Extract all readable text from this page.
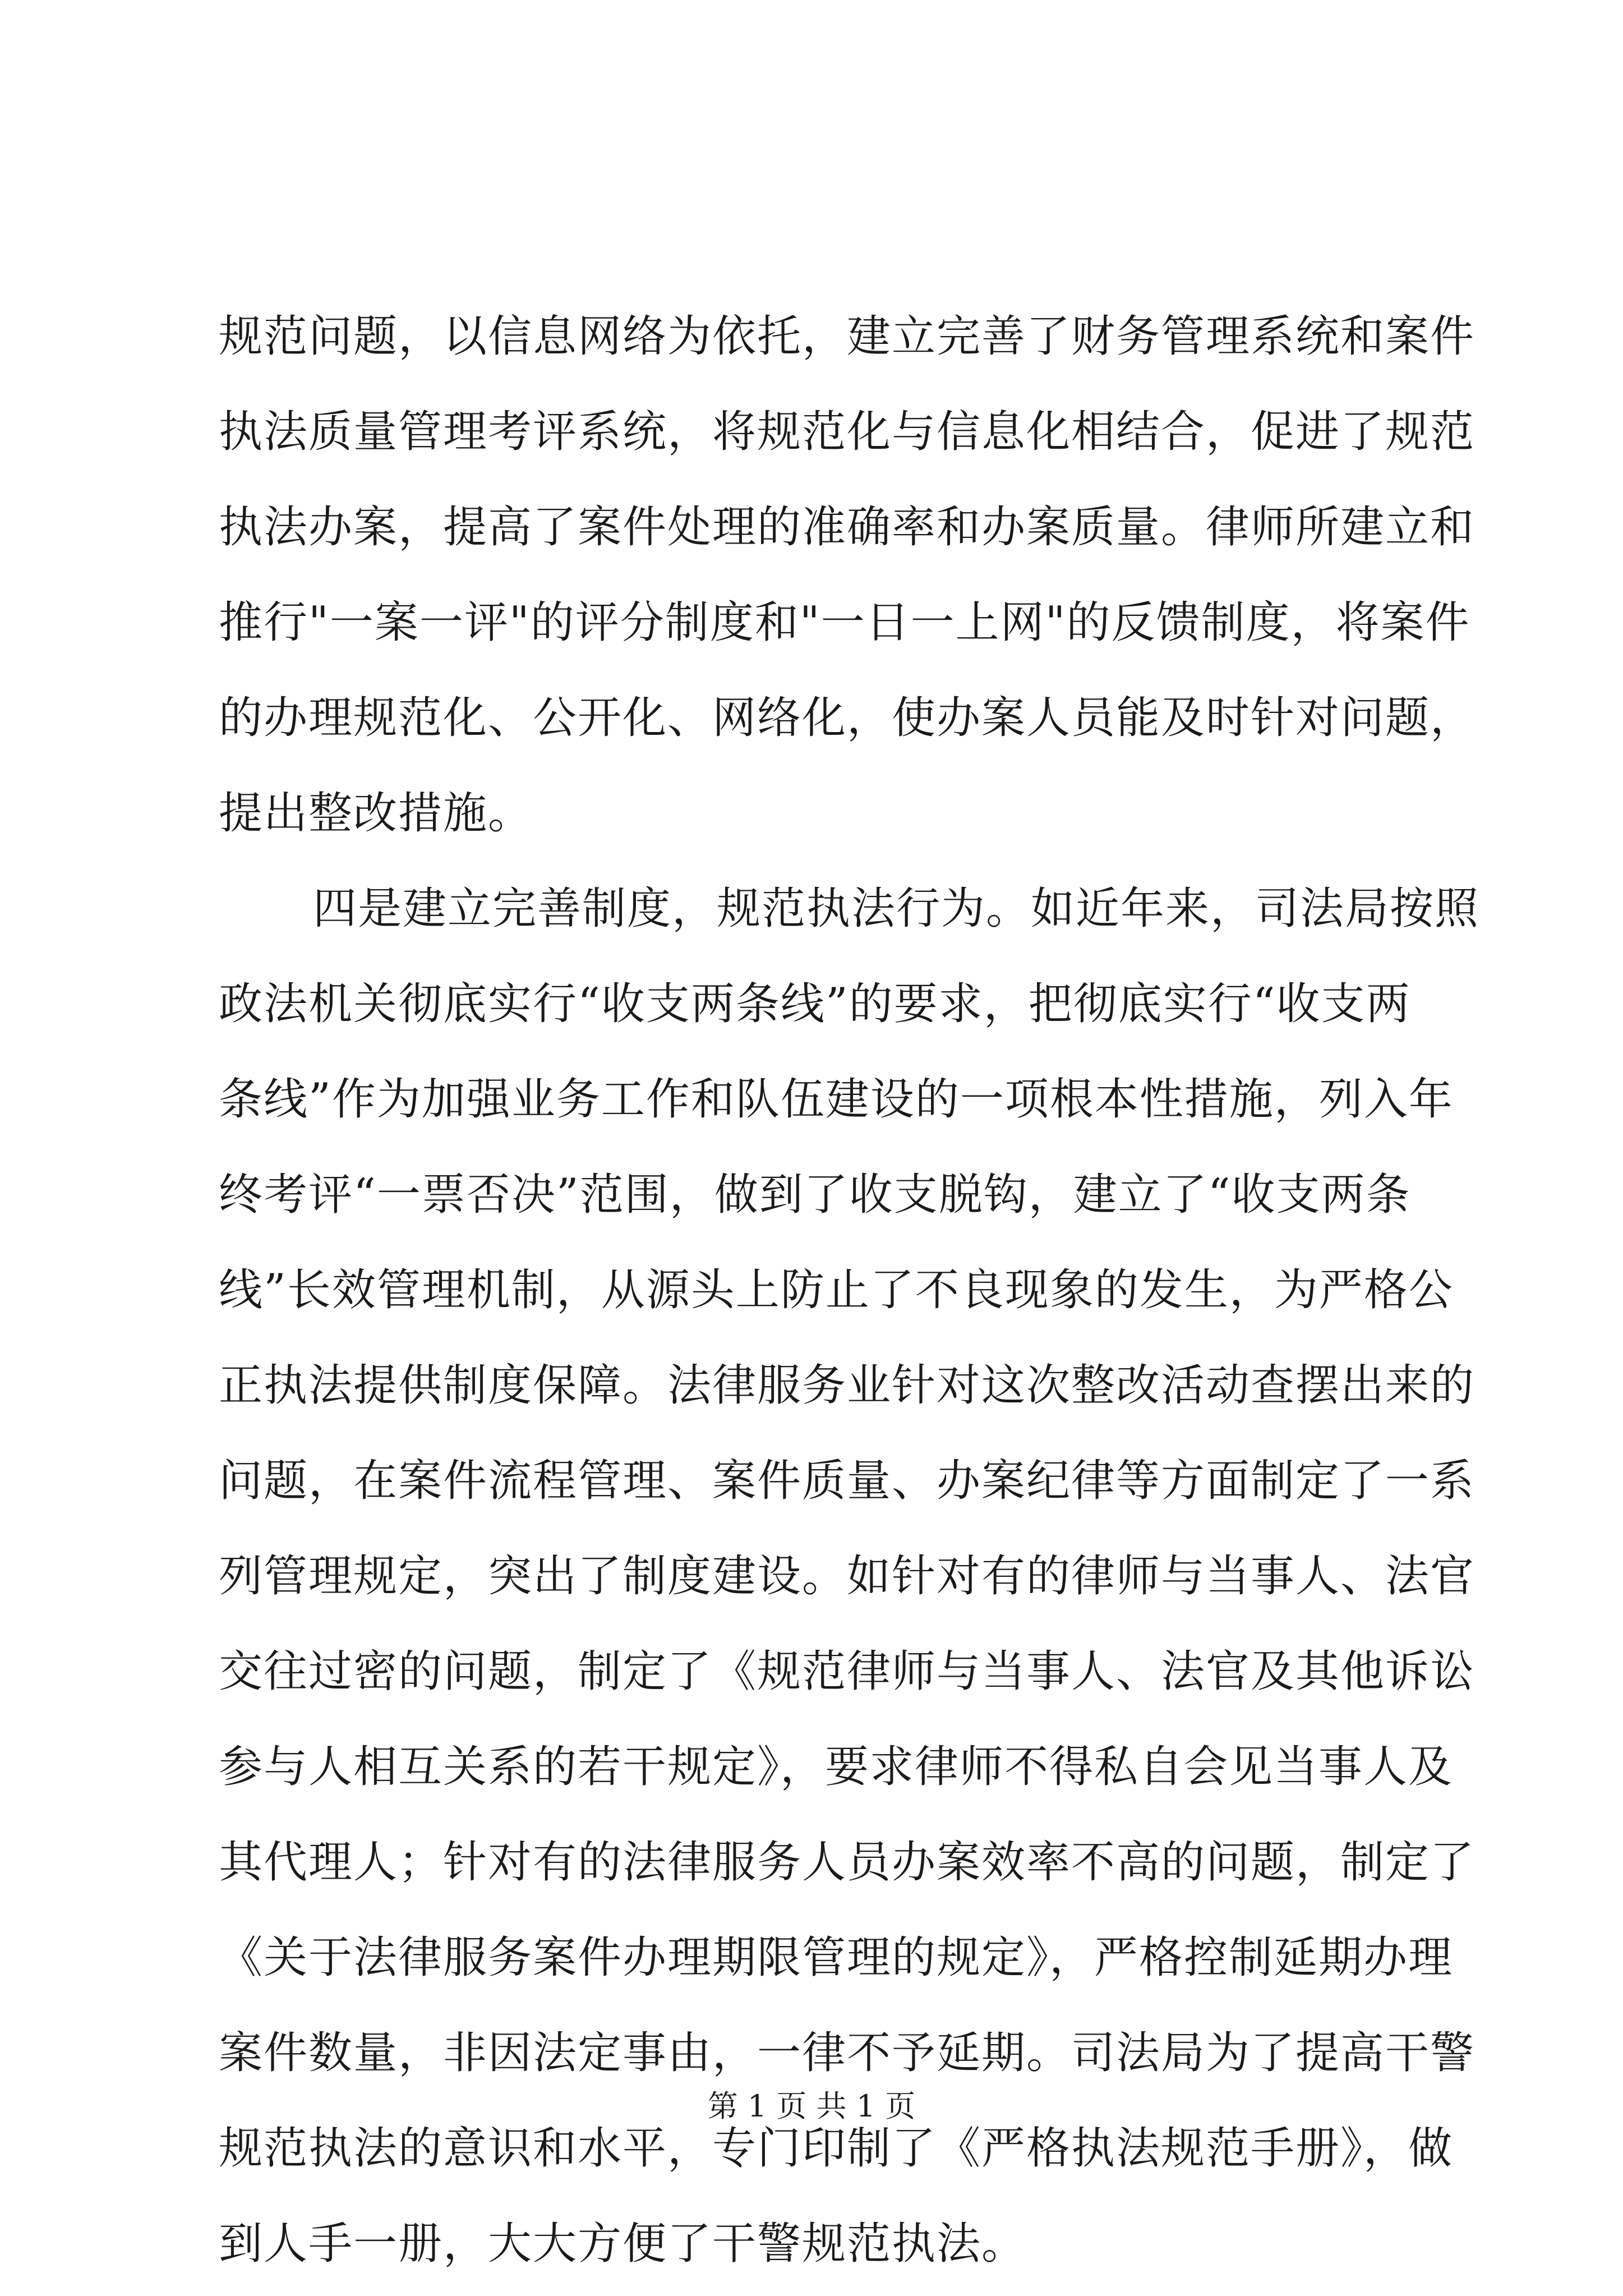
规范问题，以信息网络为依托，建立完善了财务管理系统和案件
执法质量管理考评系统，将规范化与信息化相结合，促进了规范
执法办案，提高了案件处理的准确率和办案质量。律师所建立和
推行"一案一评"的评分制度和"一日一上网"的反馈制度，将案件
的办理规范化、公开化、网络化，使办案人员能及时针对问题，
提出整改措施。
四是建立完善制度，规范执法行为。如近年来，司法局按照
政法机关彻底实行“收支两条线”的要求，把彻底实行“收支两
条线”作为加强业务工作和队伍建设的一项根本性措施，列入年
终考评“一票否决”范围，做到了收支脱钩，建立了“收支两条
线”长效管理机制，从源头上防止了不良现象的发生，为严格公
正执法提供制度保障。法律服务业针对这次整改活动查摆出来的
问题，在案件流程管理、案件质量、办案纪律等方面制定了一系
列管理规定，突出了制度建设。如针对有的律师与当事人、法官
交往过密的问题，制定了《规范律师与当事人、法官及其他诉讼
参与人相互关系的若干规定》，要求律师不得私自会见当事人及
其代理人；针对有的法律服务人员办案效率不高的问题，制定了
《关于法律服务案件办理期限管理的规定》，严格控制延期办理
案件数量，非因法定事由，一律不予延期。司法局为了提高干警
规范执法的意识和水平，专门印制了《严格执法规范手册》，做
到人手一册，大大方便了干警规范执法。
第 1 页 共 1 页
